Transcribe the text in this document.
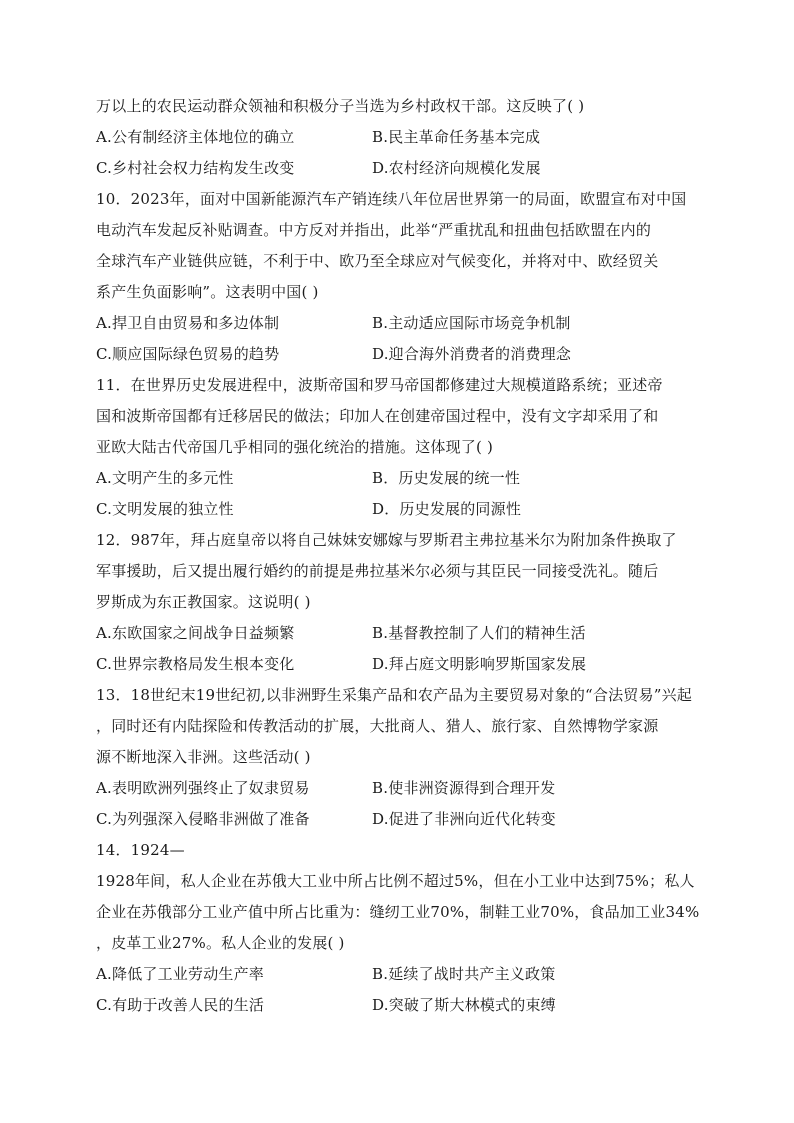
万以上的农民运动群众领袖和积极分子当选为乡村政权干部。这反映了( )
A.公有制经济主体地位的确立	B.民主革命任务基本完成
C.乡村社会权力结构发生改变	D.农村经济向规模化发展
10．2023年，面对中国新能源汽车产销连续八年位居世界第一的局面，欧盟宣布对中国
电动汽车发起反补贴调查。中方反对并指出，此举“严重扰乱和扭曲包括欧盟在内的
全球汽车产业链供应链，不利于中、欧乃至全球应对气候变化，并将对中、欧经贸关
系产生负面影响”。这表明中国( )
A.捍卫自由贸易和多边体制	B.主动适应国际市场竞争机制
C.顺应国际绿色贸易的趋势	D.迎合海外消费者的消费理念
11．在世界历史发展进程中，波斯帝国和罗马帝国都修建过大规模道路系统；亚述帝
国和波斯帝国都有迁移居民的做法；印加人在创建帝国过程中，没有文字却采用了和
亚欧大陆古代帝国几乎相同的强化统治的措施。这体现了( )
A.文明产生的多元性	B．历史发展的统一性
C.文明发展的独立性	D．历史发展的同源性
12．987年，拜占庭皇帝以将自己妹妹安娜嫁与罗斯君主弗拉基米尔为附加条件换取了
军事援助，后又提出履行婚约的前提是弗拉基米尔必须与其臣民一同接受洗礼。随后
罗斯成为东正教国家。这说明( )
A.东欧国家之间战争日益频繁	B.基督教控制了人们的精神生活
C.世界宗教格局发生根本变化	D.拜占庭文明影响罗斯国家发展
13．18世纪末19世纪初,以非洲野生采集产品和农产品为主要贸易对象的“合法贸易”兴起
，同时还有内陆探险和传教活动的扩展，大批商人、猎人、旅行家、自然博物学家源
源不断地深入非洲。这些活动( )
A.表明欧洲列强终止了奴隶贸易	B.使非洲资源得到合理开发
C.为列强深入侵略非洲做了准备	D.促进了非洲向近代化转变
14．1924—
1928年间，私人企业在苏俄大工业中所占比例不超过5%，但在小工业中达到75%；私人
企业在苏俄部分工业产值中所占比重为：缝纫工业70%，制鞋工业70%，食品加工业34%
，皮革工业27%。私人企业的发展( )
A.降低了工业劳动生产率	B.延续了战时共产主义政策
C.有助于改善人民的生活	D.突破了斯大林模式的束缚
